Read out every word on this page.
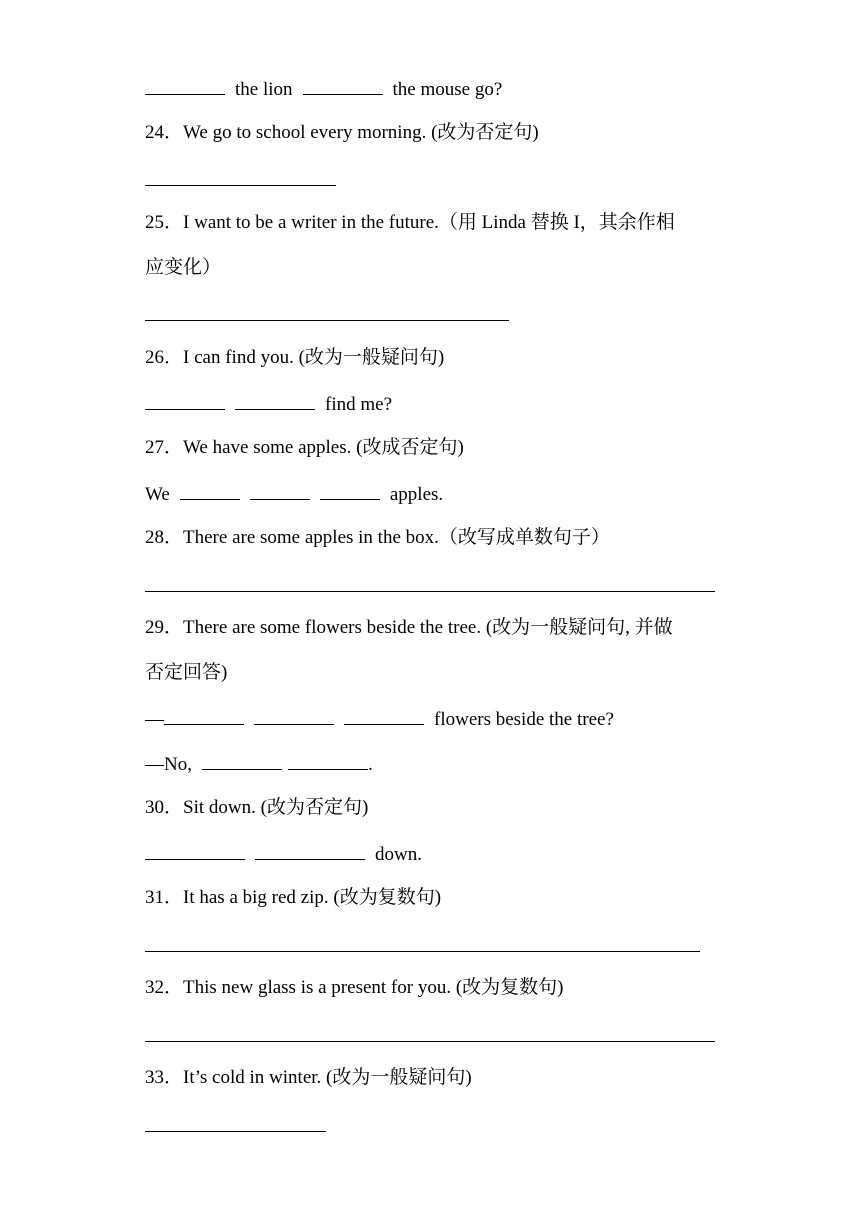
the lion	the mouse go?
24．We go to school every morning. (改为否定句)
25．I want to be a writer in the future.（用 Linda 替换 I，其余作相
应变化）
26．I can find you. (改为一般疑问句)
find me?
27．We have some apples. (改成否定句)
We	apples.
28．There are some apples in the box.（改写成单数句子）
29．There are some flowers beside the tree. (改为一般疑问句, 并做
否定回答)
—	flowers beside the tree?
—No,	.
30．Sit down. (改为否定句)
down.
31．It has a big red zip. (改为复数句)
32．This new glass is a present for you. (改为复数句)
33．It’s cold in winter. (改为一般疑问句)
